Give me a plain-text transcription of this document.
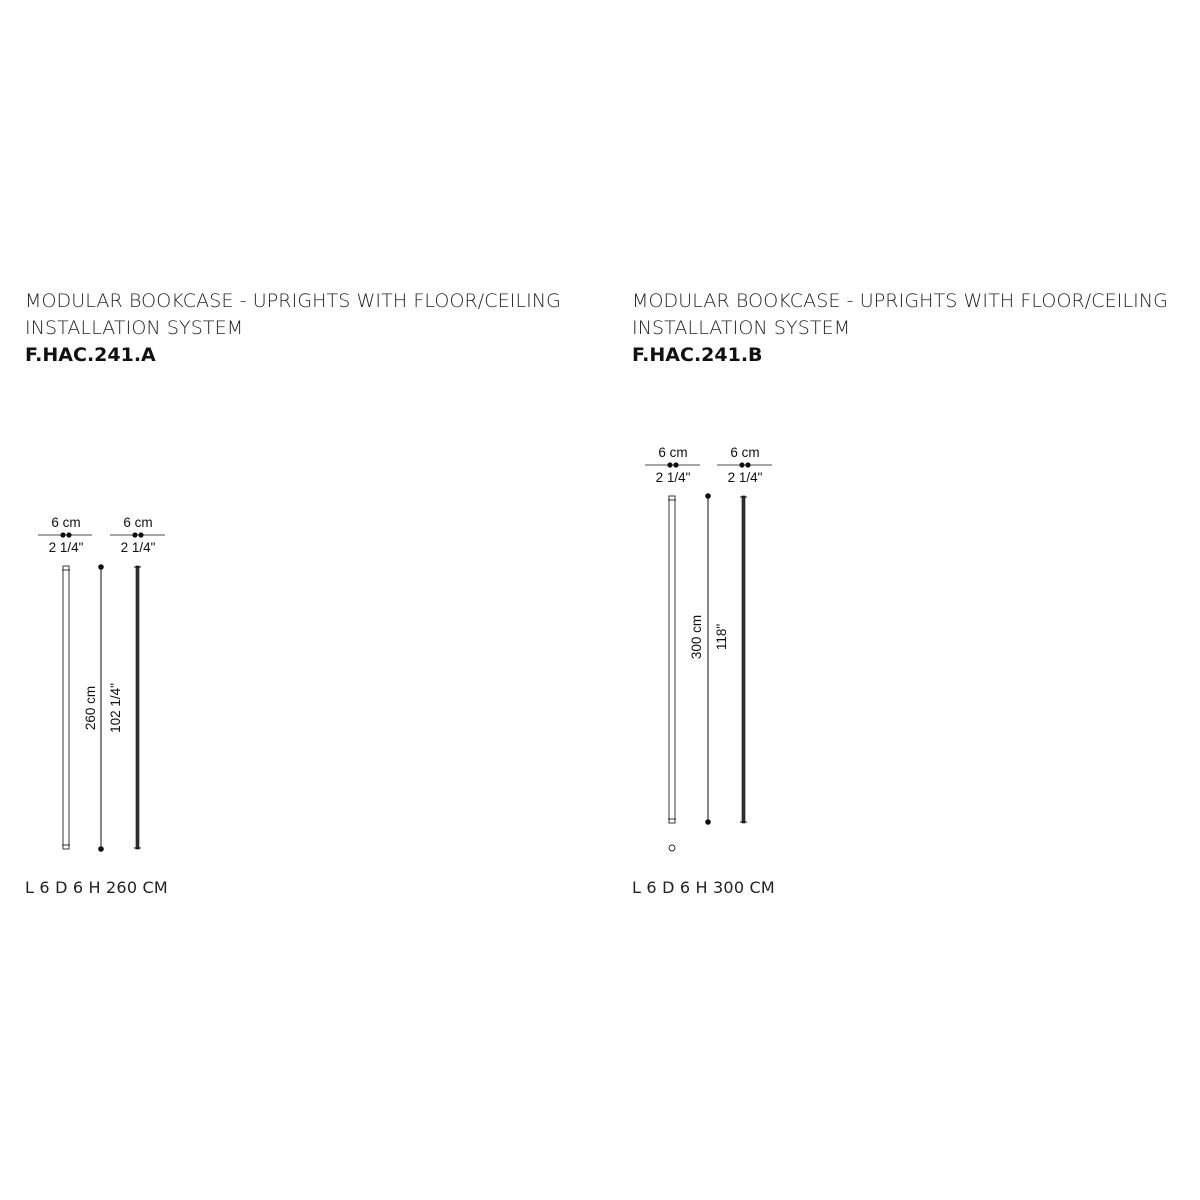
MODULAR BOOKCASE - UPRIGHTS WITH FLOOR/CEILING

INSTALLATION SYSTEM

F.HAC.241.A

MODULAR BOOKCASE - UPRIGHTS WITH FLOOR/CEILING

INSTALLATION SYSTEM

F.HAC.241.B

6 cm
2 1/4"
6 cm
2 1/4"
260 cm 102 1/4"
6 cm
2 1/4"
6 cm
2 1/4"
300 cm 118"

L 6 D 6 H 260 CM	L 6 D 6 H 300 CM
